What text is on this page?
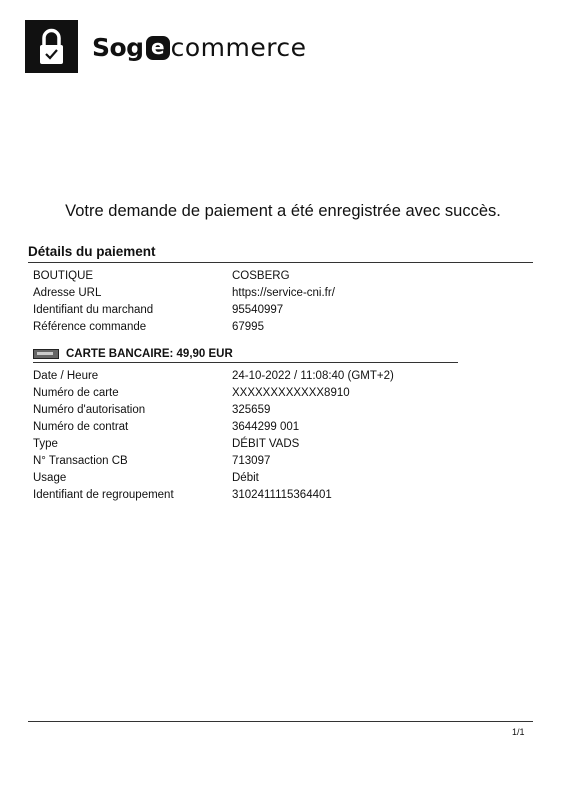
Sog e commerce
Votre demande de paiement a été enregistrée avec succès.
Détails du paiement
BOUTIQUE	COSBERG
Adresse URL	https://service-cni.fr/
Identifiant du marchand	95540997
Référence commande	67995
CARTE BANCAIRE: 49,90 EUR
Date / Heure	24-10-2022 / 11:08:40 (GMT+2)
Numéro de carte	XXXXXXXXXXXX8910
Numéro d'autorisation	325659
Numéro de contrat	3644299 001
Type	DÉBIT VADS
N° Transaction CB	713097
Usage	Débit
Identifiant de regroupement	3102411115364401
1/1
